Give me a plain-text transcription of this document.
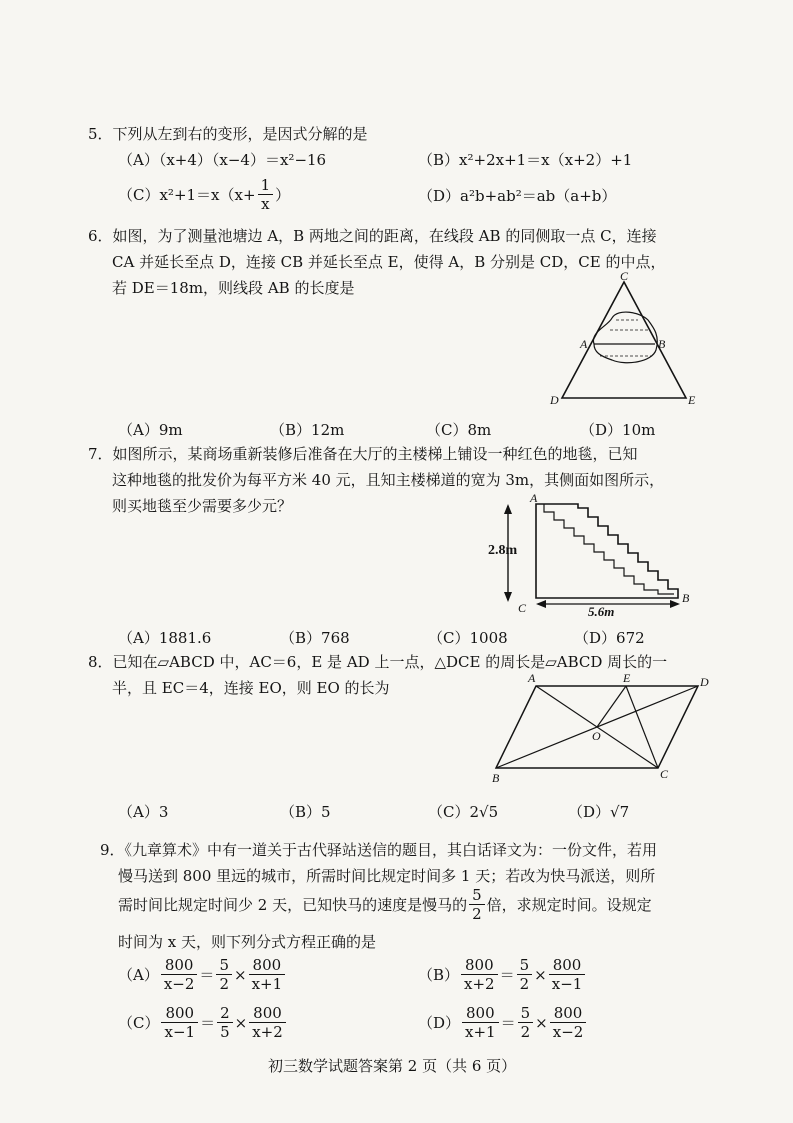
5．下列从左到右的变形，是因式分解的是
（A）（x+4）（x−4）＝x²−16	（B）x²+2x+1＝x（x+2）+1
$(C)x^2+1=x(x+ \frac{1}{x}$ ）	（D）a²b+ab²＝ab（a+b）
6．如图，为了测量池塘边 A，B 两地之间的距离，在线段 AB 的同侧取一点 C，连接
CA 并延长至点 D，连接 CB 并延长至点 E，使得 A，B 分别是 CD，CE 的中点，
若 DE＝18m，则线段 AB 的长度是
C
A	B
D	E
（A）9m	（B）12m	（C）8m	（D）10m
7．如图所示，某商场重新装修后准备在大厅的主楼梯上铺设一种红色的地毯，已知
这种地毯的批发价为每平方米 40 元，且知主楼梯道的宽为 3m，其侧面如图所示，
则买地毯至少需要多少元？	A
B
C
2.8m
5.6m
（A）1881.6	（B）768	（C）1008	（D）672
8．已知在▱ABCD 中，AC＝6，E 是 AD 上一点，△DCE 的周长是▱ABCD 周长的一
半，且 EC＝4，连接 EO，则 EO 的长为
A	E	D
O
B	C
（A）3	（B）5	（C）2√5	（D）√7
9．《九章算术》中有一道关于古代驿站送信的题目，其白话译文为：一份文件，若用
慢马送到 800 里远的城市，所需时间比规定时间多 1 天；若改为快马派送，则所
需时间比规定时间少 2 天，已知快马的速度是慢马的 $\frac{5}{2}$ 倍，求规定时间。设规定
时间为 x 天，则下列分式方程正确的是
$(A) \frac{800}{x-2} = \frac{5}{2} \times \frac{800}{x+1}$	$(B) \frac{800}{x+2} = \frac{5}{2} \times \frac{800}{x-1}$
$(C) \frac{800}{x-1} = \frac{2}{5} \times \frac{800}{x+2}$	$(D) \frac{800}{x+1} = \frac{5}{2} \times \frac{800}{x-2}$
初三数学试题答案第 2 页（共 6 页）
